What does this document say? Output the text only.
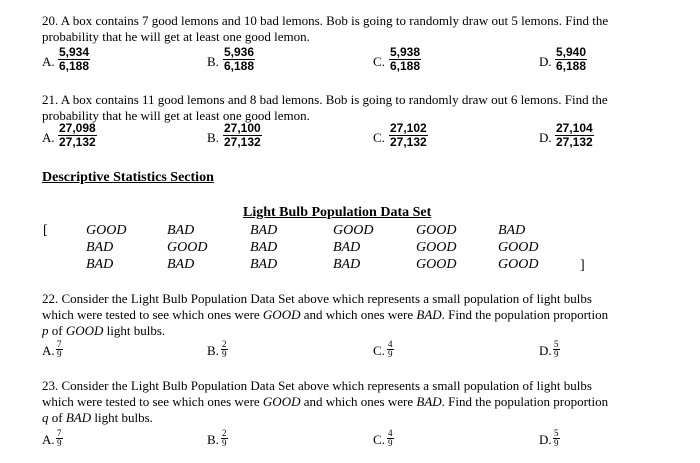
20. A box contains 7 good lemons and 10 bad lemons. Bob is going to randomly draw out 5 lemons. Find the
probability that he will get at least one good lemon.
A. $\frac{5,934}{6,188}$	B. $\frac{5,936}{6,188}$	C. $\frac{5,938}{6,188}$	D. $\frac{5,940}{6,188}$
21. A box contains 11 good lemons and 8 bad lemons. Bob is going to randomly draw out 6 lemons. Find the
probability that he will get at least one good lemon.
A. $\frac{27,098}{27,132}$	B. $\frac{27,100}{27,132}$	C. $\frac{27,102}{27,132}$	D. $\frac{27,104}{27,132}$
Descriptive Statistics Section
Light Bulb Population Data Set
[
]
GOOD	BAD	BAD	GOOD	GOOD	BAD
BAD	GOOD	BAD	BAD	GOOD	GOOD
BAD	BAD	BAD	BAD	GOOD	GOOD
22. Consider the Light Bulb Population Data Set above which represents a small population of light bulbs
which were tested to see which ones were GOOD and which ones were BAD. Find the population proportion
p of GOOD light bulbs.
A. $\frac{7}{9}$	B. $\frac{2}{9}$	C. $\frac{4}{9}$	D. $\frac{5}{9}$
23. Consider the Light Bulb Population Data Set above which represents a small population of light bulbs
which were tested to see which ones were GOOD and which ones were BAD. Find the population proportion
q of BAD light bulbs.
A. $\frac{7}{9}$	B. $\frac{2}{9}$	C. $\frac{4}{9}$	D. $\frac{5}{9}$
